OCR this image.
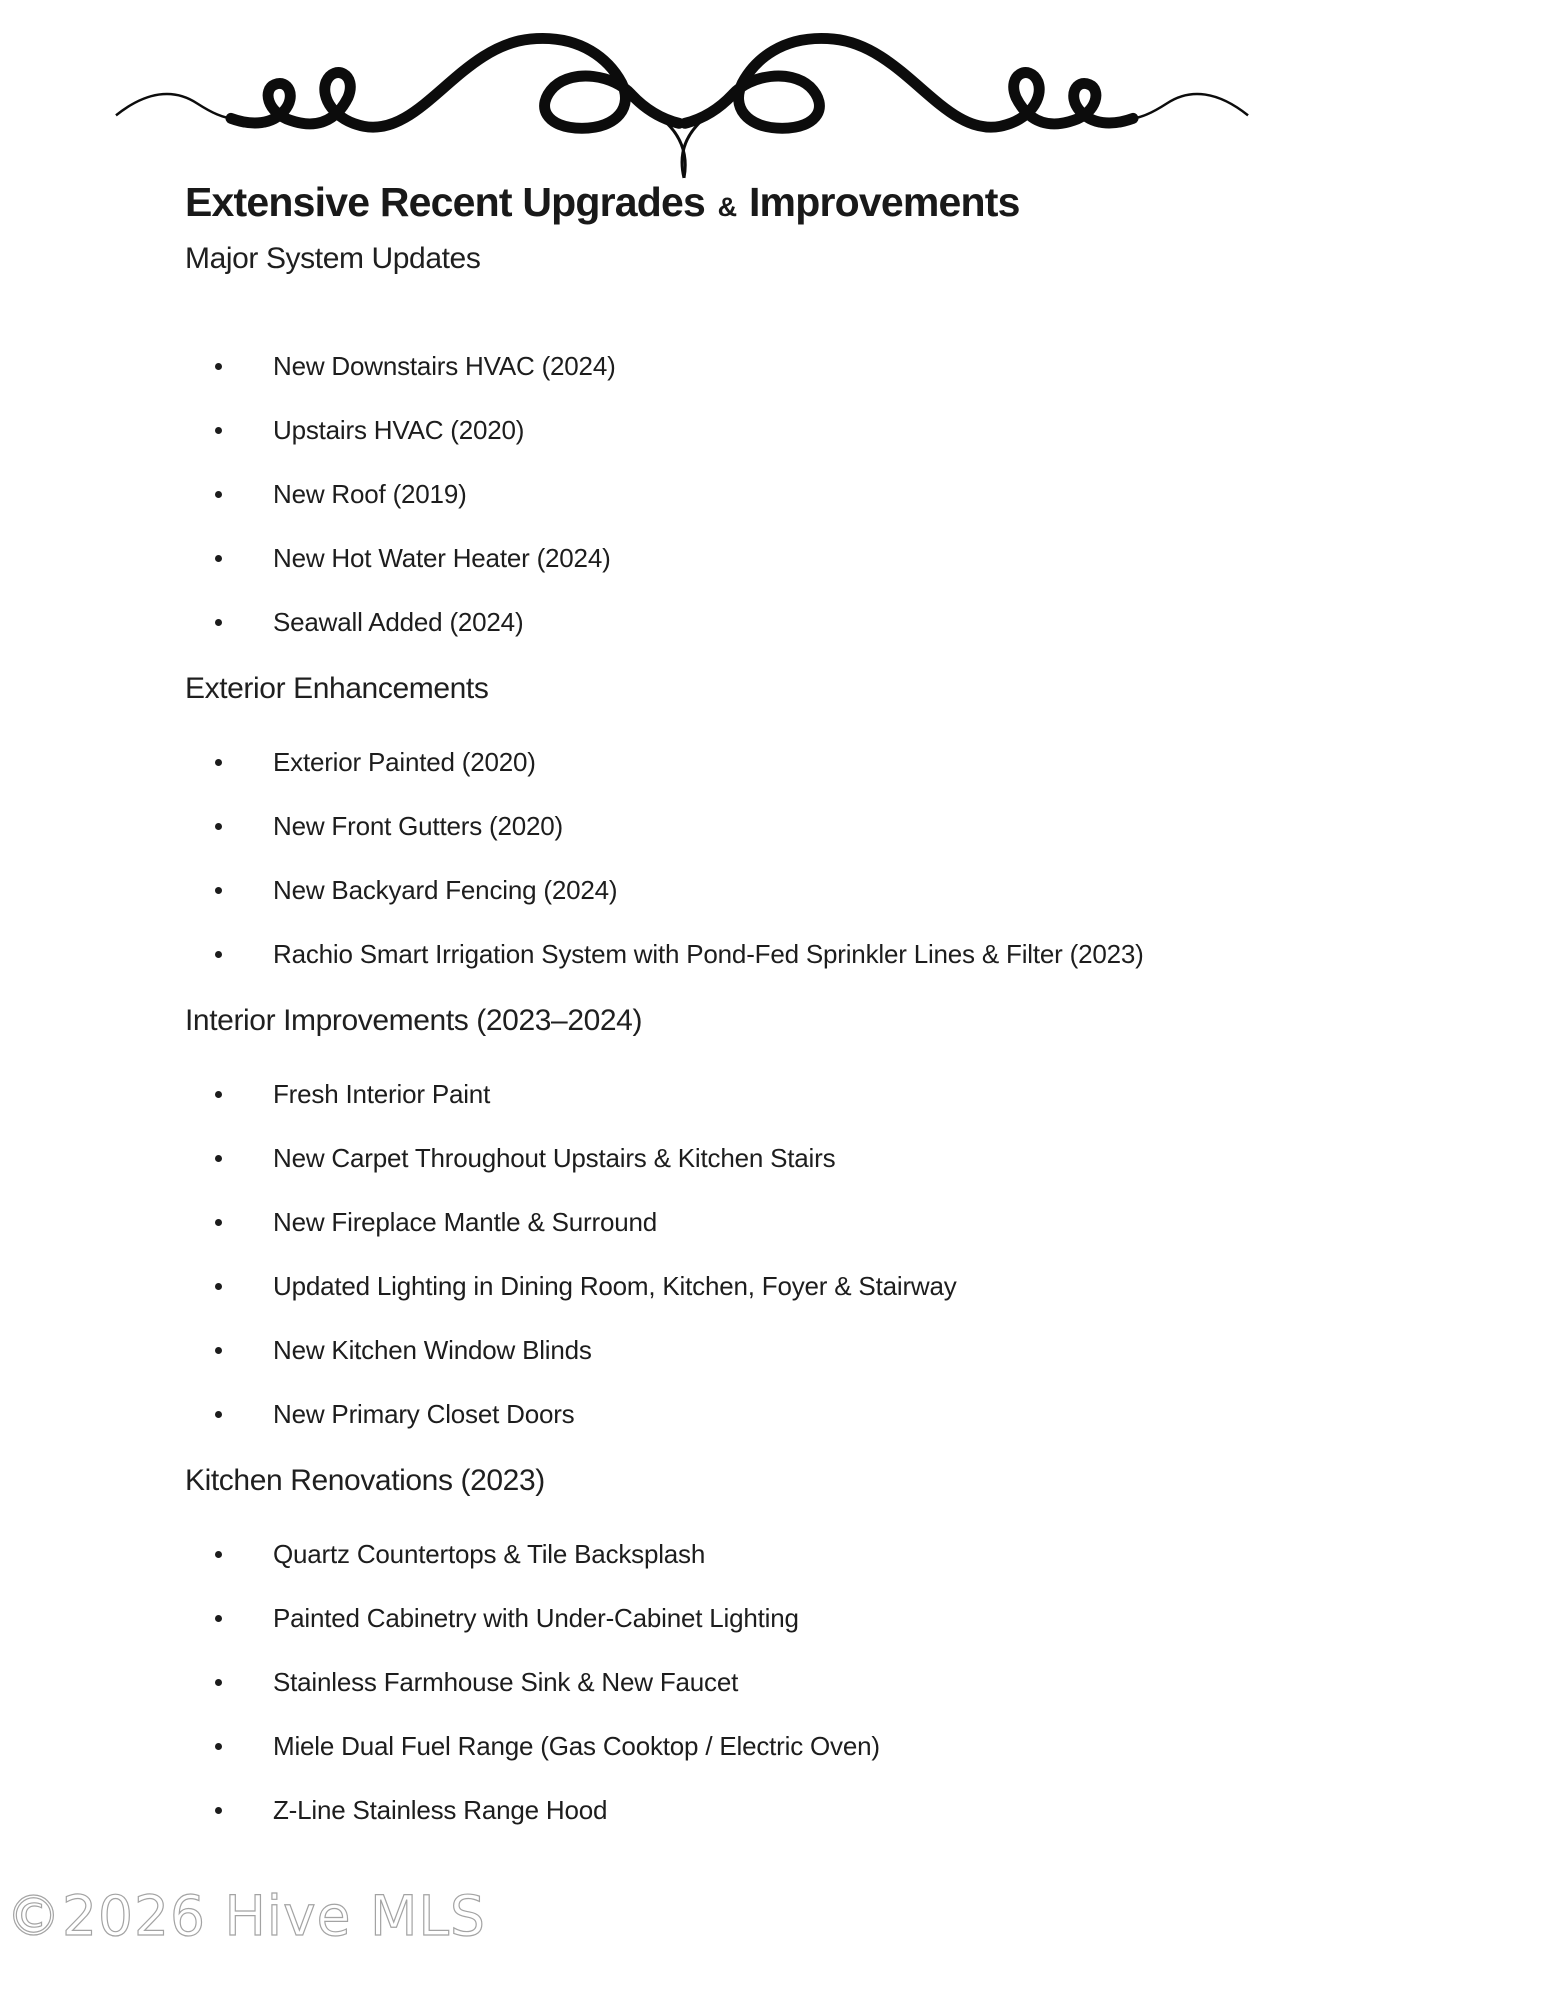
Extensive Recent Upgrades & Improvements
Major System Updates
New Downstairs HVAC (2024)
Upstairs HVAC (2020)
New Roof (2019)
New Hot Water Heater (2024)
Seawall Added (2024)
Exterior Enhancements
Exterior Painted (2020)
New Front Gutters (2020)
New Backyard Fencing (2024)
Rachio Smart Irrigation System with Pond-Fed Sprinkler Lines & Filter (2023)
Interior Improvements (2023–2024)
Fresh Interior Paint
New Carpet Throughout Upstairs & Kitchen Stairs
New Fireplace Mantle & Surround
Updated Lighting in Dining Room, Kitchen, Foyer & Stairway
New Kitchen Window Blinds
New Primary Closet Doors
Kitchen Renovations (2023)
Quartz Countertops & Tile Backsplash
Painted Cabinetry with Under-Cabinet Lighting
Stainless Farmhouse Sink & New Faucet
Miele Dual Fuel Range (Gas Cooktop / Electric Oven)
Z-Line Stainless Range Hood
©2026 Hive MLS
